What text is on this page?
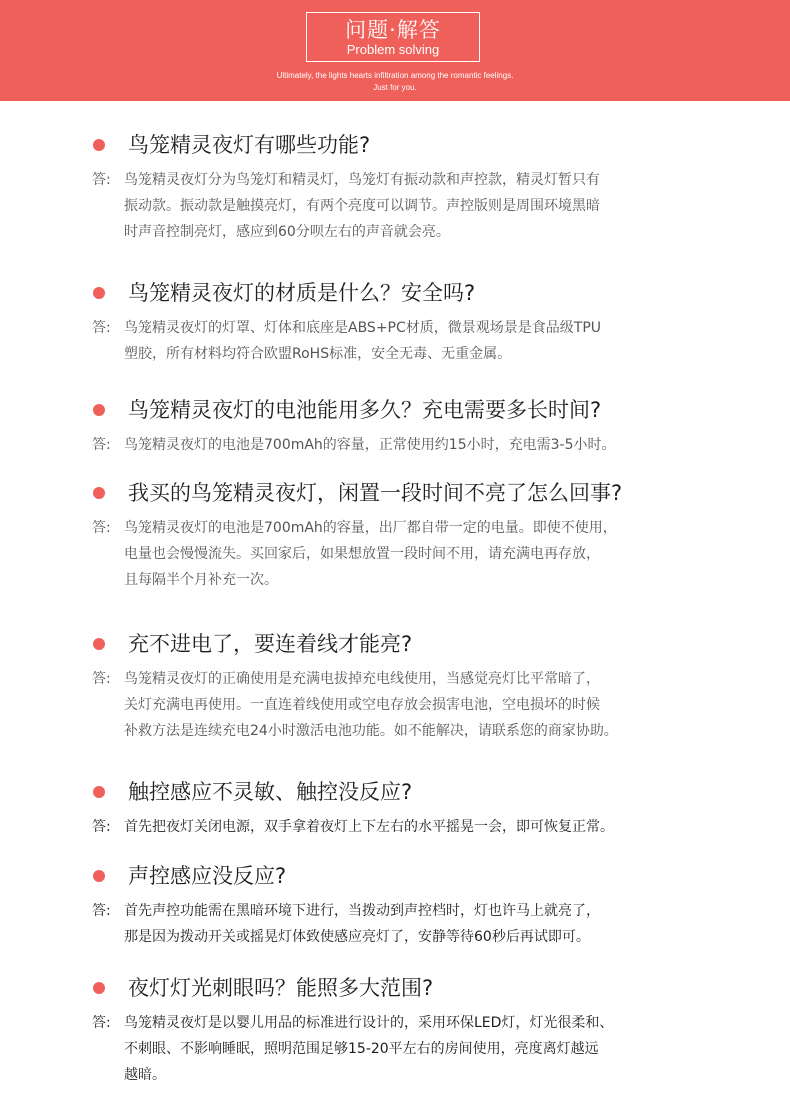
问题·解答
Problem solving
Ultimately, the lights hearts infiltration among the romantic feelings.
Just for you.
鸟笼精灵夜灯有哪些功能?
答: 鸟笼精灵夜灯分为鸟笼灯和精灵灯，鸟笼灯有振动款和声控款，精灵灯暂只有
振动款。振动款是触摸亮灯，有两个亮度可以调节。声控版则是周围环境黑暗
时声音控制亮灯，感应到60分呗左右的声音就会亮。
鸟笼精灵夜灯的材质是什么？安全吗?
答: 鸟笼精灵夜灯的灯罩、灯体和底座是ABS+PC材质，微景观场景是食品级TPU
塑胶，所有材料均符合欧盟RoHS标准，安全无毒、无重金属。
鸟笼精灵夜灯的电池能用多久？充电需要多长时间?
答: 鸟笼精灵夜灯的电池是700mAh的容量，正常使用约15小时，充电需3-5小时。
我买的鸟笼精灵夜灯，闲置一段时间不亮了怎么回事?
答: 鸟笼精灵夜灯的电池是700mAh的容量，出厂都自带一定的电量。即使不使用，
电量也会慢慢流失。买回家后，如果想放置一段时间不用，请充满电再存放，
且每隔半个月补充一次。
充不进电了，要连着线才能亮?
答: 鸟笼精灵夜灯的正确使用是充满电拔掉充电线使用，当感觉亮灯比平常暗了，
关灯充满电再使用。一直连着线使用或空电存放会损害电池，空电损坏的时候
补救方法是连续充电24小时激活电池功能。如不能解决，请联系您的商家协助。
触控感应不灵敏、触控没反应?
答: 首先把夜灯关闭电源，双手拿着夜灯上下左右的水平摇晃一会，即可恢复正常。
声控感应没反应?
答: 首先声控功能需在黑暗环境下进行，当拨动到声控档时，灯也许马上就亮了，
那是因为拨动开关或摇晃灯体致使感应亮灯了，安静等待60秒后再试即可。
夜灯灯光刺眼吗？能照多大范围?
答: 鸟笼精灵夜灯是以婴儿用品的标准进行设计的，采用环保LED灯，灯光很柔和、
不刺眼、不影响睡眠，照明范围足够15-20平左右的房间使用，亮度离灯越远
越暗。
